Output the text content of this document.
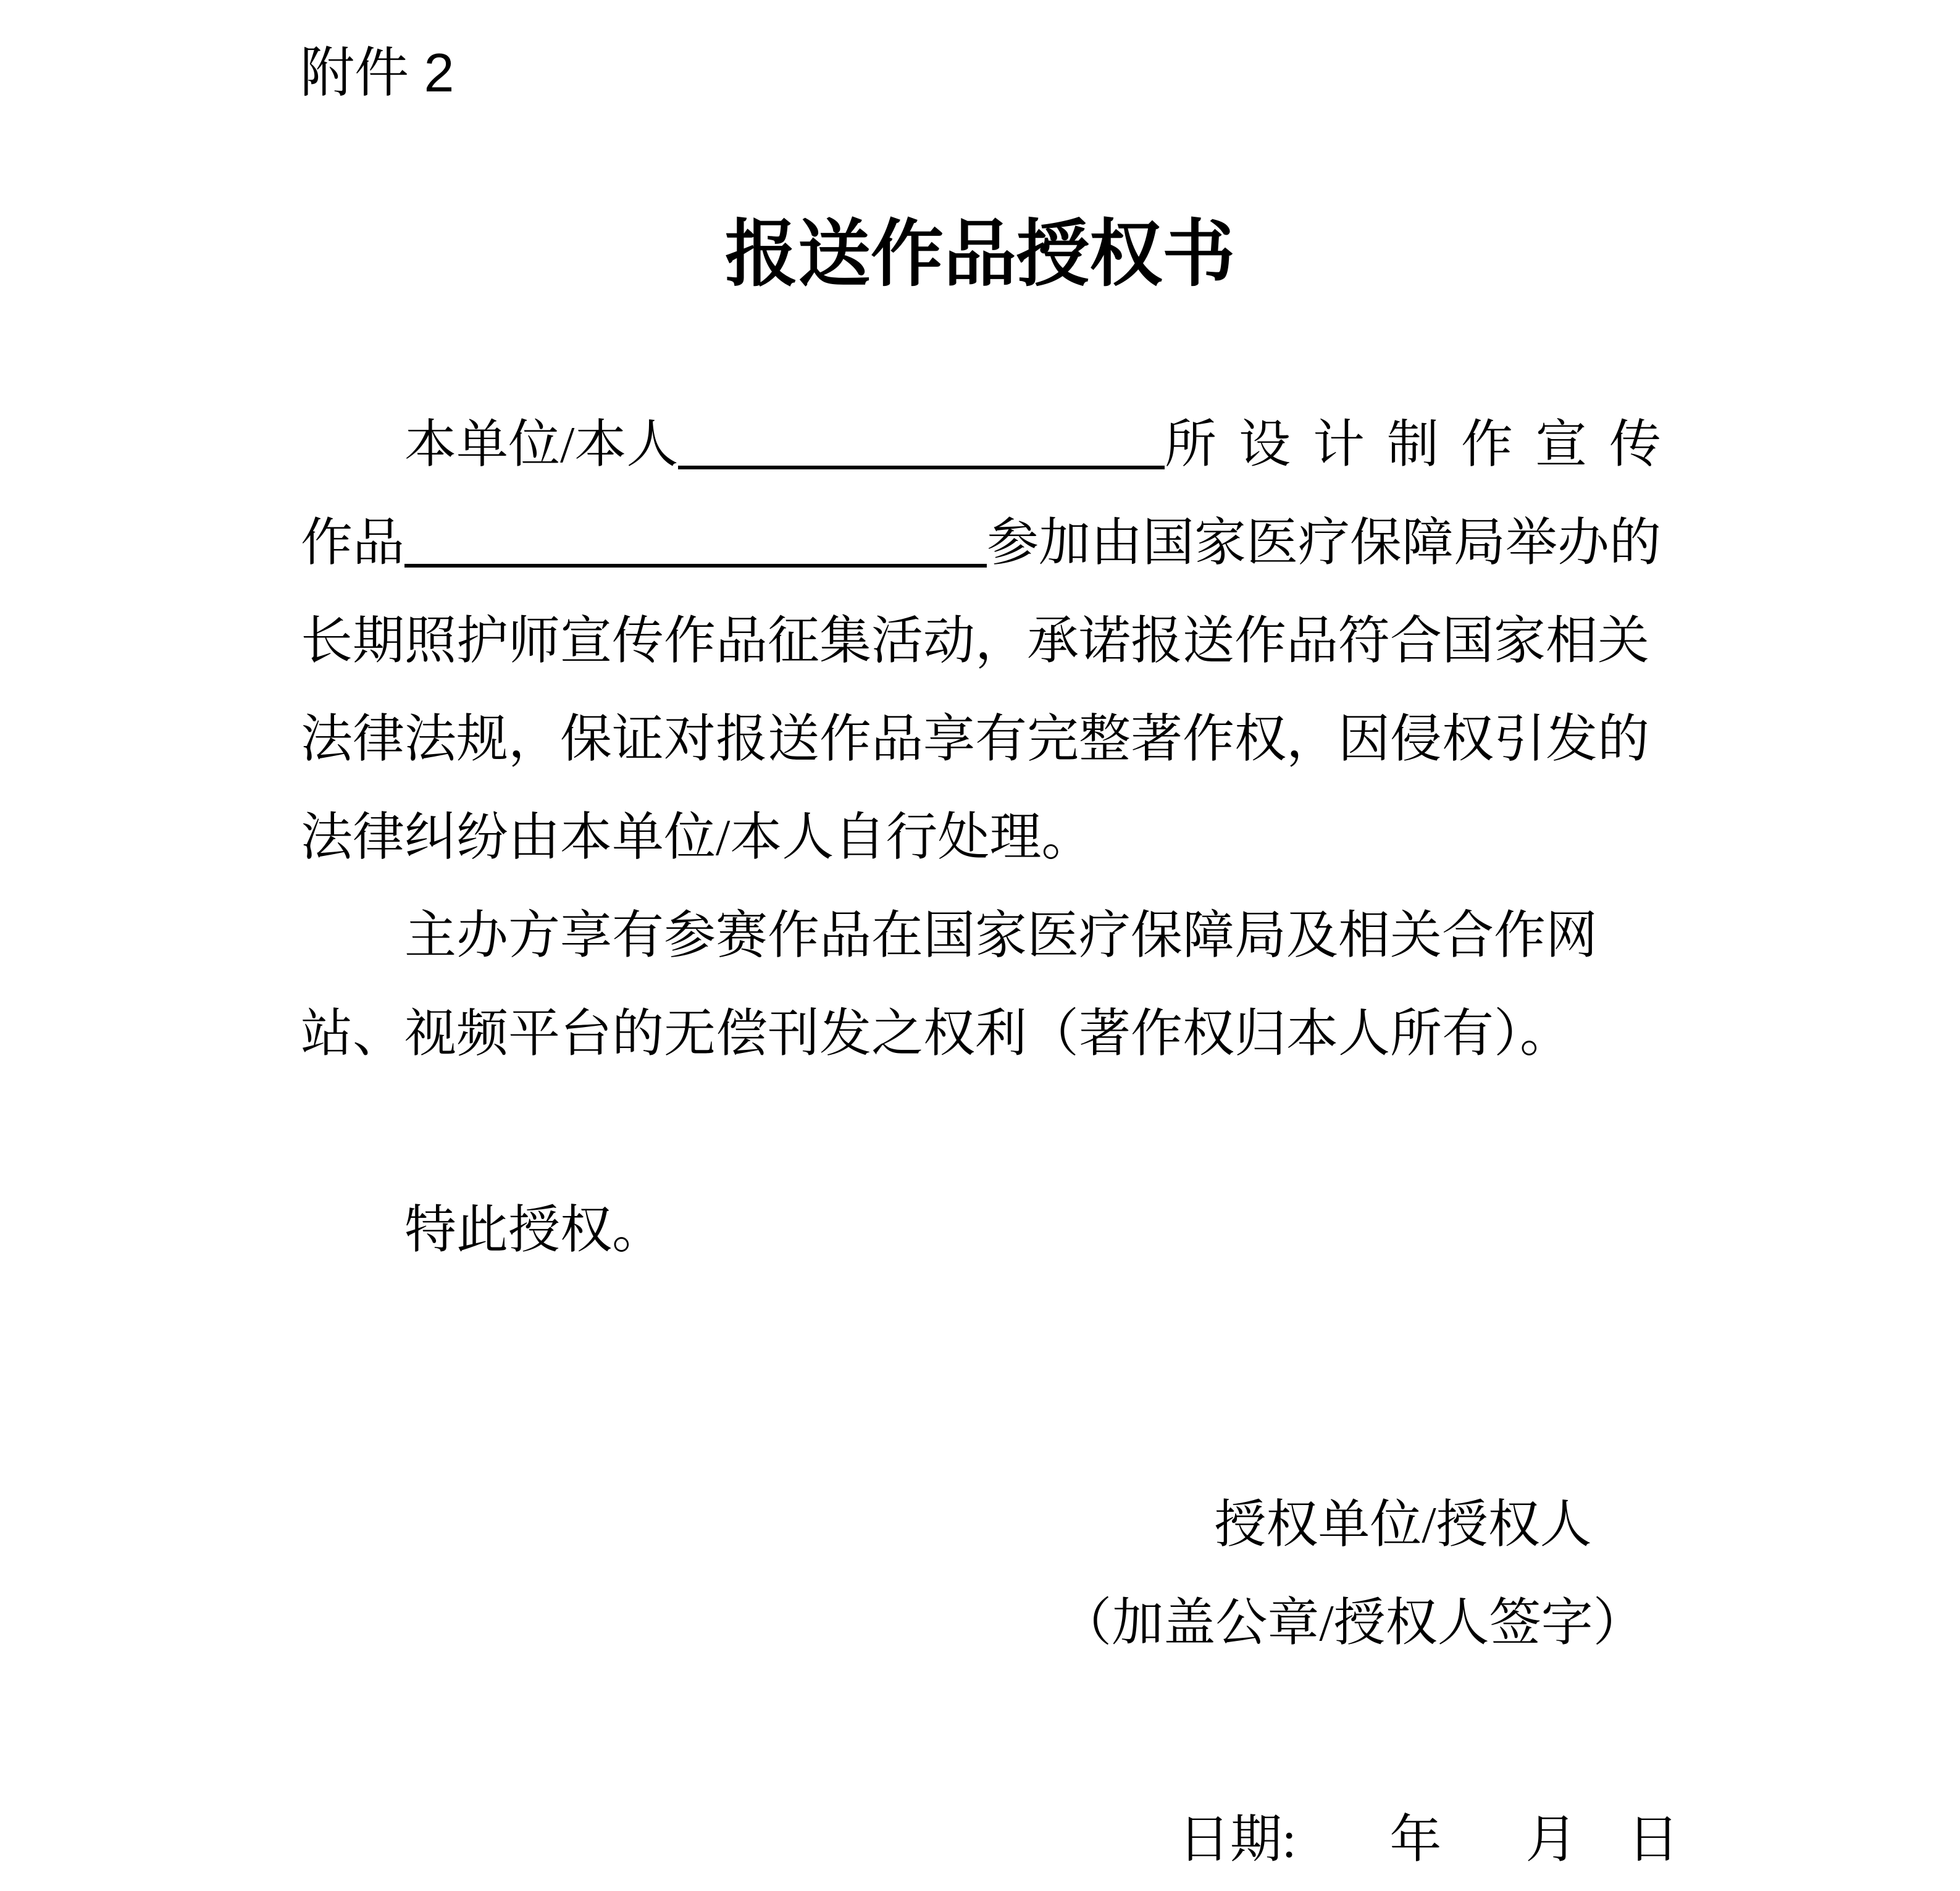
附件 2
报送作品授权书
本单位/本人	所设计制作宣传
作品	参加由国家医疗保障局举办的
长期照护师宣传作品征集活动，承诺报送作品符合国家相关
法律法规，保证对报送作品享有完整著作权，因侵权引发的
法律纠纷由本单位/本人自行处理。
主办方享有参赛作品在国家医疗保障局及相关合作网
站、视频平台的无偿刊发之权利（著作权归本人所有）。
特此授权。
授权单位/授权人
（加盖公章/授权人签字）
日期: 年 月 日
